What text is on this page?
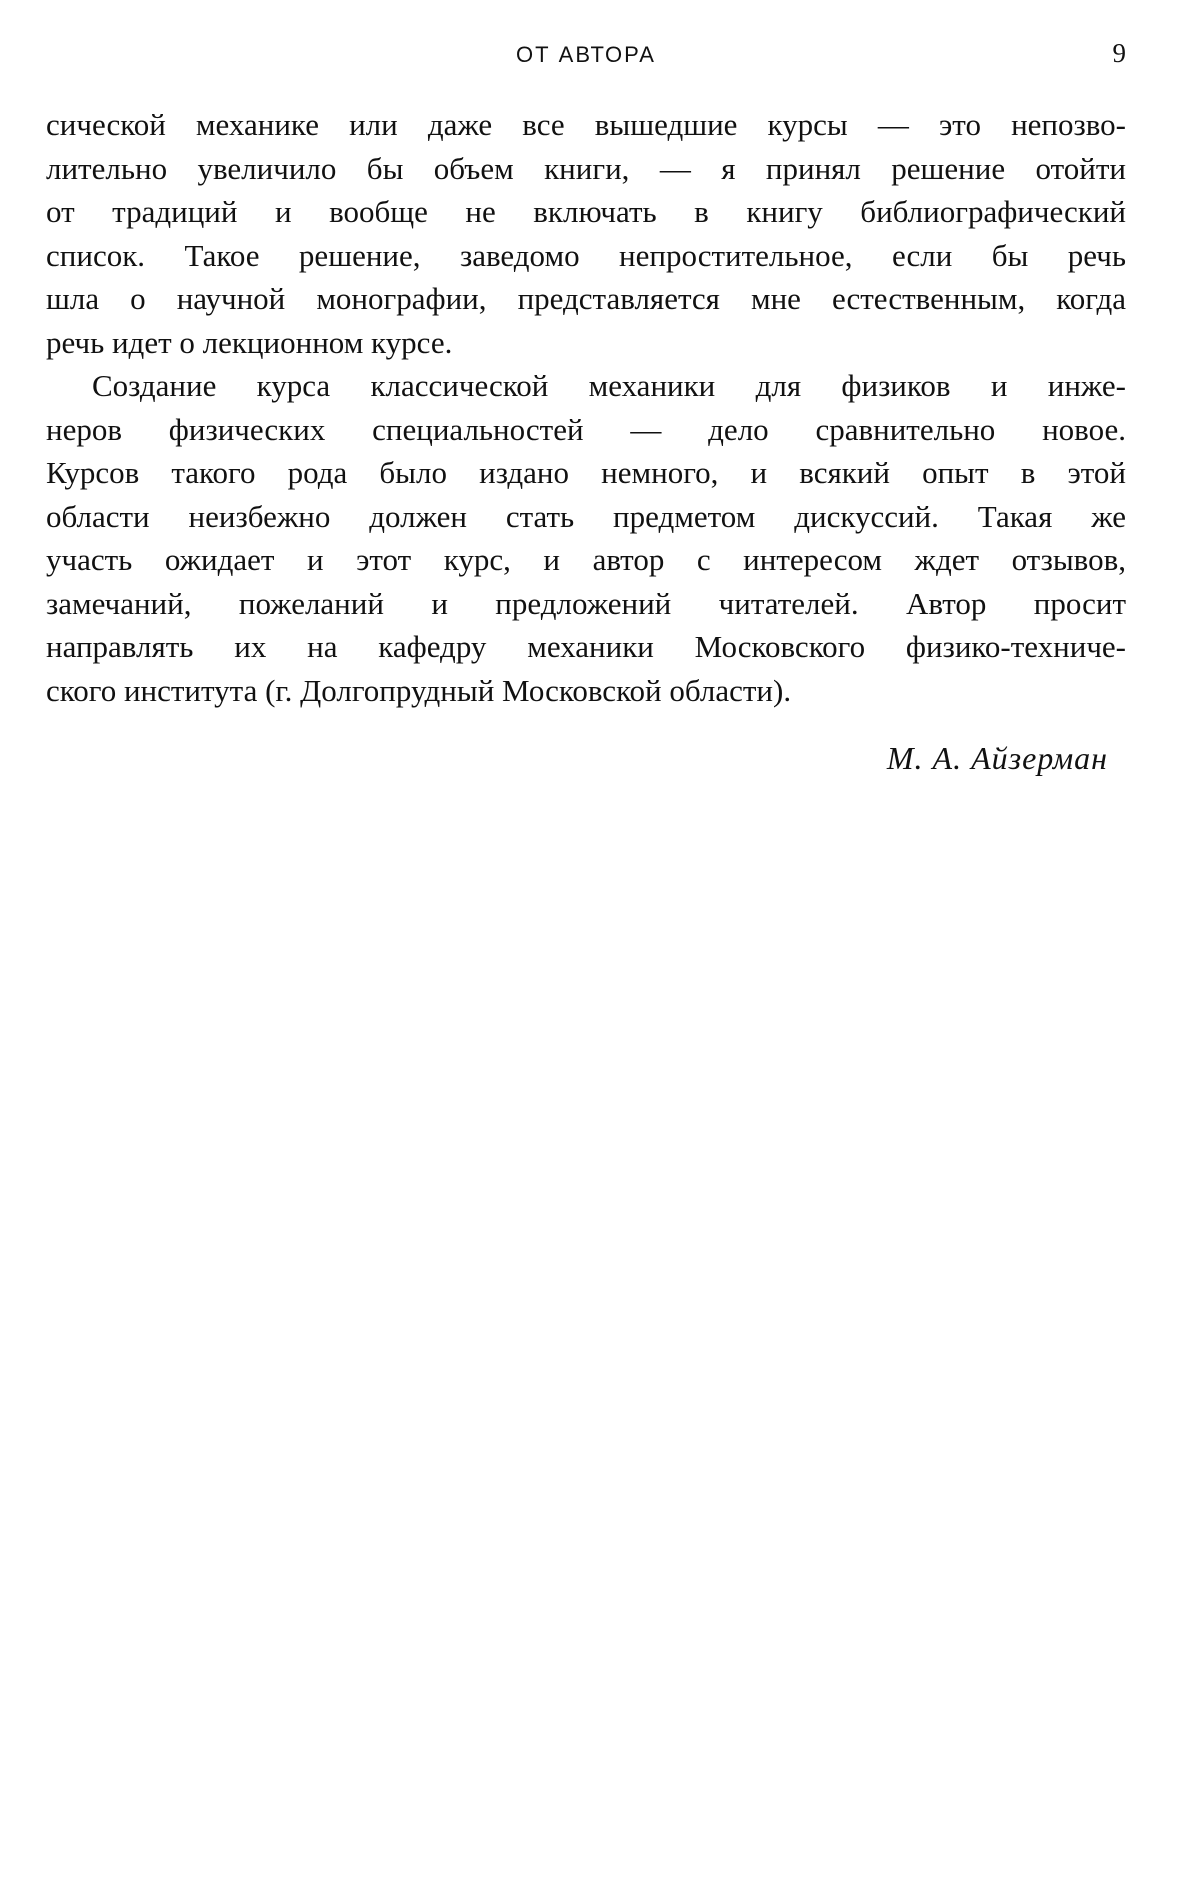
ОТ АВТОРА	9
сической механике или даже все вышедшие курсы — это непозво-
лительно увеличило бы объем книги, — я принял решение отойти
от традиций и вообще не включать в книгу библиографический
список. Такое решение, заведомо непростительное, если бы речь
шла о научной монографии, представляется мне естественным, когда
речь идет о лекционном курсе.
Создание курса классической механики для физиков и инже-
неров физических специальностей — дело сравнительно новое.
Курсов такого рода было издано немного, и всякий опыт в этой
области неизбежно должен стать предметом дискуссий. Такая же
участь ожидает и этот курс, и автор с интересом ждет отзывов,
замечаний, пожеланий и предложений читателей. Автор просит
направлять их на кафедру механики Московского физико-техниче-
ского института (г. Долгопрудный Московской области).
М. А. Айзерман
